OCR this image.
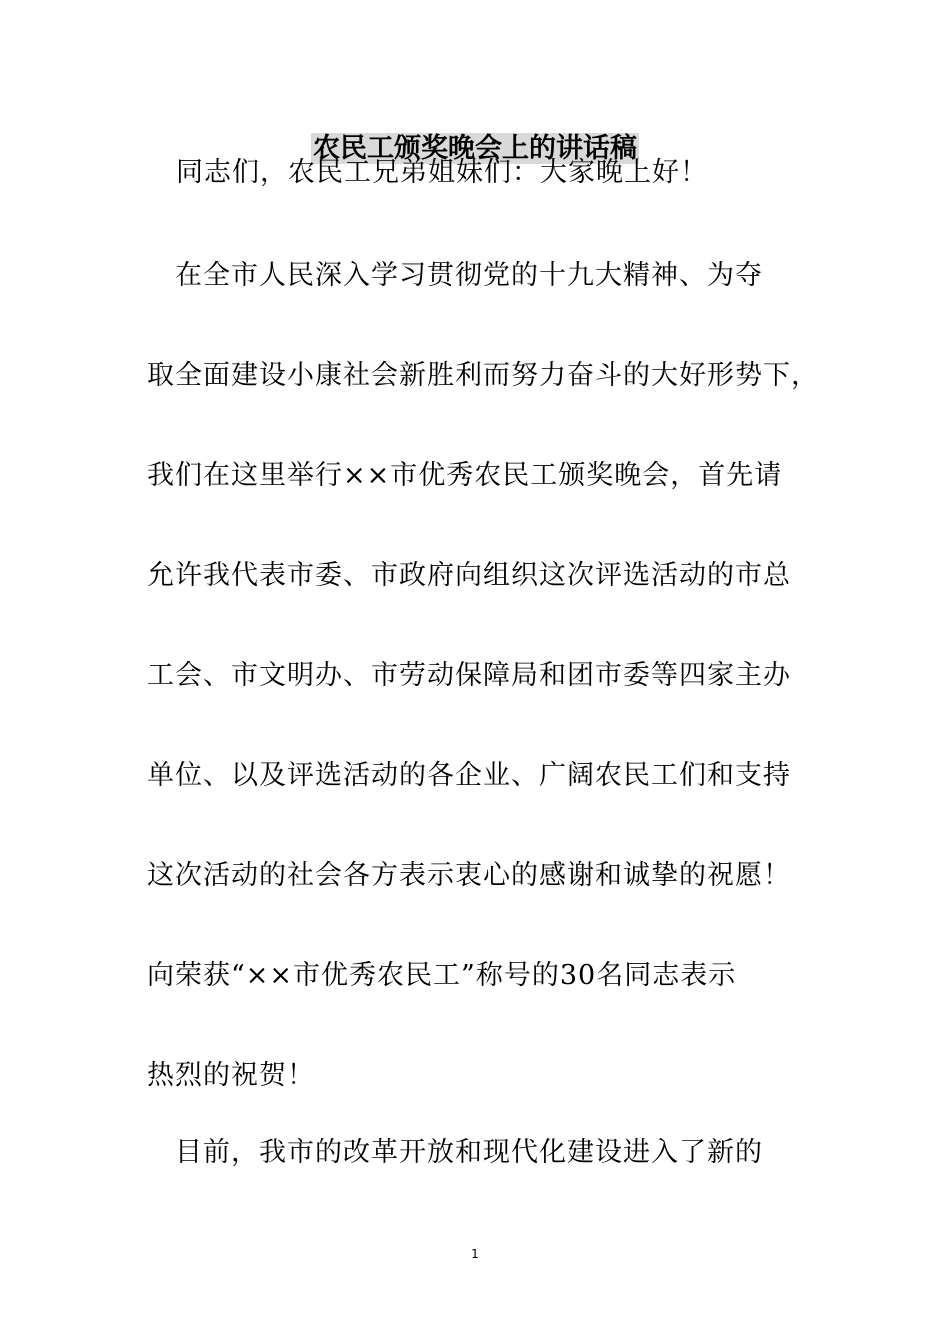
农民工颁奖晚会上的讲话稿
同志们，农民工兄弟姐妹们：大家晚上好！
　在全市人民深入学习贯彻党的十九大精神、为夺
取全面建设小康社会新胜利而努力奋斗的大好形势下，
我们在这里举行××市优秀农民工颁奖晚会，首先请
允许我代表市委、市政府向组织这次评选活动的市总
工会、市文明办、市劳动保障局和团市委等四家主办
单位、以及评选活动的各企业、广阔农民工们和支持
这次活动的社会各方表示衷心的感谢和诚挚的祝愿！
向荣获“××市优秀农民工”称号的30名同志表示
热烈的祝贺！
　目前，我市的改革开放和现代化建设进入了新的
1
